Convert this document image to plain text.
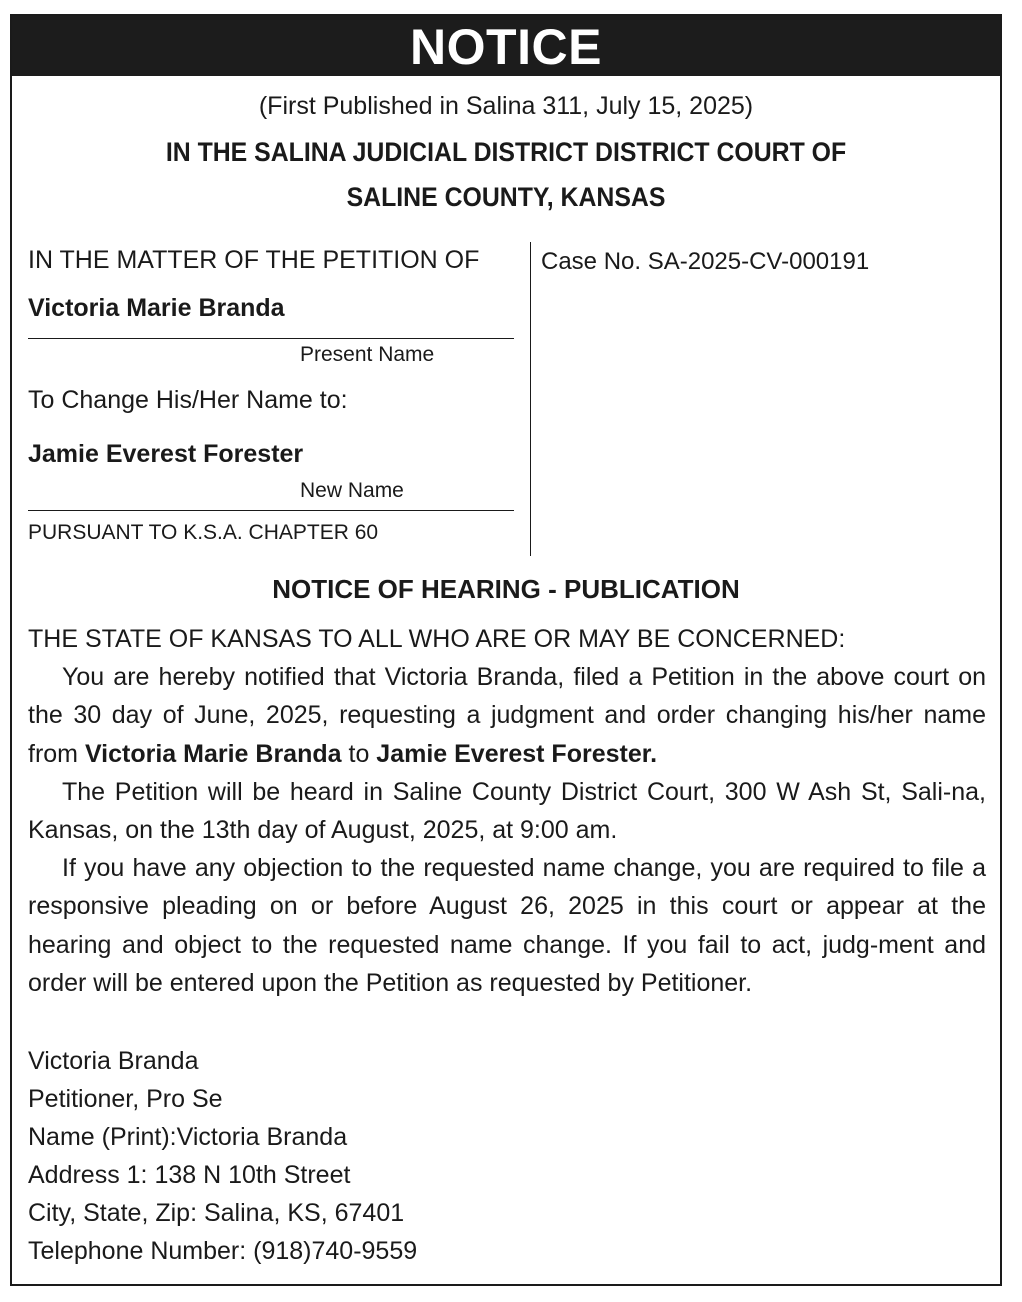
NOTICE
(First Published in Salina 311, July 15, 2025)
IN THE SALINA JUDICIAL DISTRICT DISTRICT COURT OF
SALINE COUNTY, KANSAS
IN THE MATTER OF THE PETITION OF
Victoria Marie Branda
Present Name
To Change His/Her Name to:
Jamie Everest Forester
New Name
PURSUANT TO K.S.A. CHAPTER 60
Case No. SA-2025-CV-000191
NOTICE OF HEARING - PUBLICATION

THE STATE OF KANSAS TO ALL WHO ARE OR MAY BE CONCERNED:

You are hereby notified that Victoria Branda, filed a Petition in the above court on the 30 day of June, 2025, requesting a judgment and order changing his/her name from Victoria Marie Branda to Jamie Everest Forester.

The Petition will be heard in Saline County District Court, 300 W Ash St, Sali-na, Kansas, on the 13th day of August, 2025, at 9:00 am.

If you have any objection to the requested name change, you are required to file a responsive pleading on or before August 26, 2025 in this court or appear at the hearing and object to the requested name change. If you fail to act, judg-ment and order will be entered upon the Petition as requested by Petitioner.

Victoria Branda
Petitioner, Pro Se
Name (Print):Victoria Branda
Address 1: 138 N 10th Street
City, State, Zip: Salina, KS, 67401
Telephone Number: (918)740-9559
